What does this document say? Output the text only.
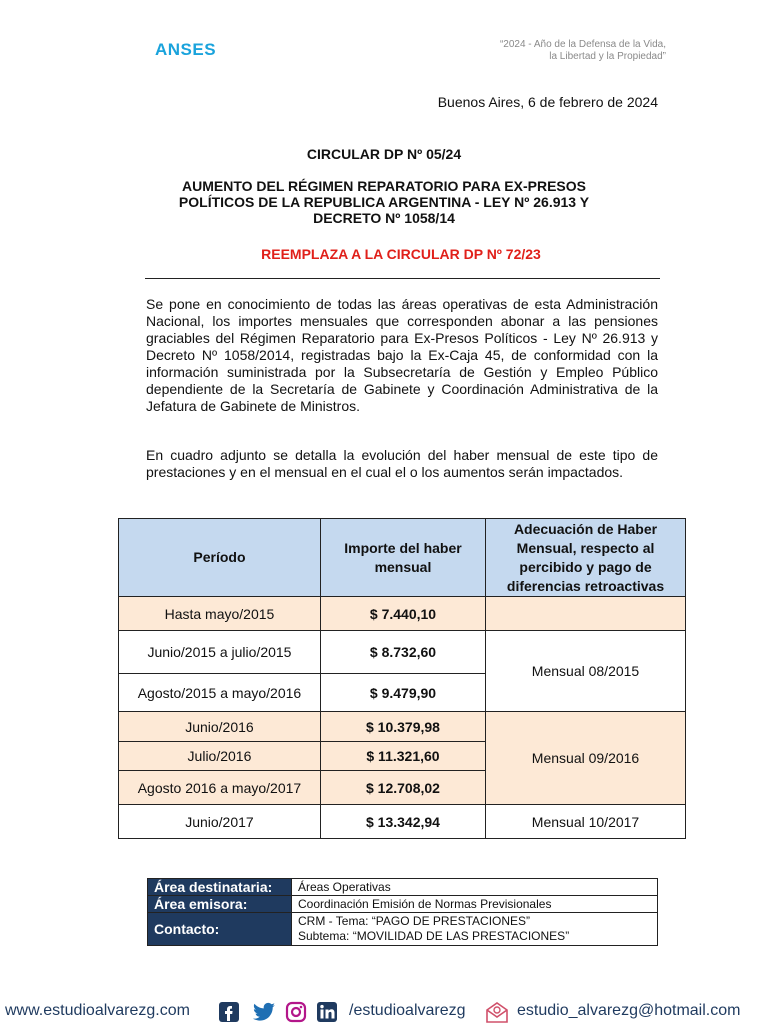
ANSES	“2024 - Año de la Defensa de la Vida,
la Libertad y la Propiedad”
Buenos Aires, 6 de febrero de 2024
CIRCULAR DP Nº 05/24
AUMENTO DEL RÉGIMEN REPARATORIO PARA EX-PRESOS
POLÍTICOS DE LA REPUBLICA ARGENTINA - LEY Nº 26.913 Y
DECRETO Nº 1058/14
REEMPLAZA A LA CIRCULAR DP Nº 72/23
Se pone en conocimiento de todas las áreas operativas de esta Administración Nacional, los importes mensuales que corresponden abonar a las pensiones graciables del Régimen Reparatorio para Ex-Presos Políticos - Ley Nº 26.913 y Decreto Nº 1058/2014, registradas bajo la Ex-Caja 45, de conformidad con la información suministrada por la Subsecretaría de Gestión y Empleo Público dependiente de la Secretaría de Gabinete y Coordinación Administrativa de la Jefatura de Gabinete de Ministros.
En cuadro adjunto se detalla la evolución del haber mensual de este tipo de prestaciones y en el mensual en el cual el o los aumentos serán impactados.
Período	Importe del haber mensual	Adecuación de Haber Mensual, respecto al percibido y pago de diferencias retroactivas
Hasta mayo/2015	$ 7.440,10	
Junio/2015 a julio/2015	$ 8.732,60	Mensual 08/2015
Agosto/2015 a mayo/2016	$ 9.479,90	
Junio/2016	$ 10.379,98	Mensual 09/2016
Julio/2016	$ 11.321,60	
Agosto 2016 a mayo/2017	$ 12.708,02	
Junio/2017	$ 13.342,94	Mensual 10/2017
Área destinataria:	Áreas Operativas
Área emisora:	Coordinación Emisión de Normas Previsionales
Contacto:	CRM - Tema: “PAGO DE PRESTACIONES”
Subtema: “MOVILIDAD DE LAS PRESTACIONES”
www.estudioalvarezg.com	/estudioalvarezg	estudio_alvarezg@hotmail.com
